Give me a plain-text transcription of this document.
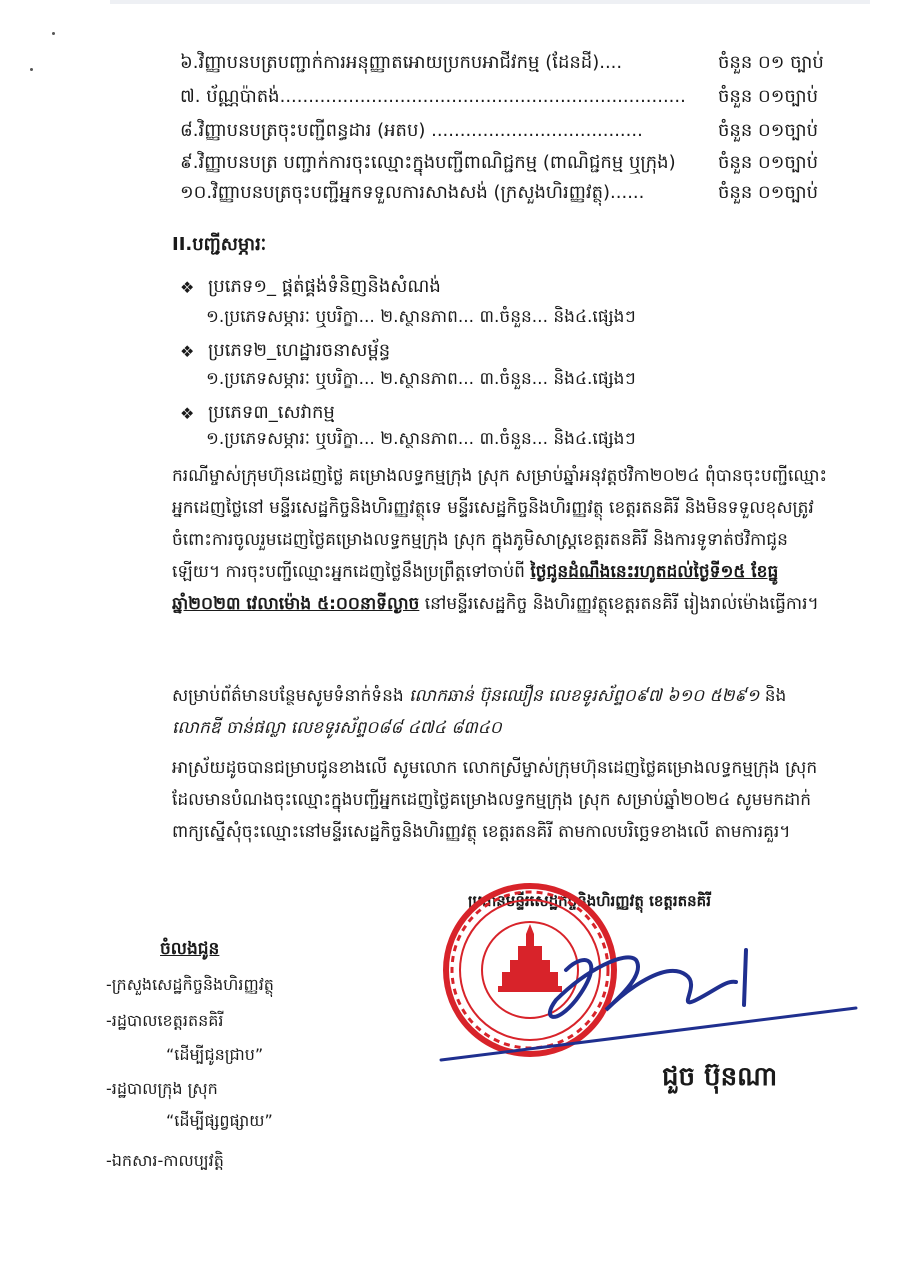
៦.វិញ្ញាបនបត្របញ្ជាក់ការអនុញ្ញាតអោយប្រកបអាជីវកម្ម (ដែនដី)....	ចំនួន ០១ ច្បាប់
៧. ប័ណ្ណប៉ាតង់....................................................................... ចំនួន ០១ច្បាប់
៨.វិញ្ញាបនបត្រចុះបញ្ជីពន្ធដារ (អតប) .....................................	ចំនួន ០១ច្បាប់
៩.វិញ្ញាបនបត្រ បញ្ជាក់ការចុះឈ្មោះក្នុងបញ្ជីពាណិជ្ជកម្ម (ពាណិជ្ជកម្ម ឬក្រុង) ចំនួន ០១ច្បាប់
១០.វិញ្ញាបនបត្រចុះបញ្ជីអ្នកទទួលការសាងសង់ (ក្រសួងហិរញ្ញវត្ថុ)......	ចំនួន ០១ច្បាប់
II.បញ្ជីសម្ភារៈ
❖ ប្រភេទ១_ ផ្គត់ផ្គង់ទំនិញនិងសំណង់
១.ប្រភេទសម្ភារៈ ឬបរិក្ខា... ២.ស្ថានភាព... ៣.ចំនួន... និង៤.ផ្សេងៗ
❖ ប្រភេទ២_ហេដ្ឋារចនាសម្ព័ន្ធ
១.ប្រភេទសម្ភារៈ ឬបរិក្ខា... ២.ស្ថានភាព... ៣.ចំនួន... និង៤.ផ្សេងៗ
❖ ប្រភេទ៣_សេវាកម្ម
១.ប្រភេទសម្ភារៈ ឬបរិក្ខា... ២.ស្ថានភាព... ៣.ចំនួន... និង៤.ផ្សេងៗ
ករណីម្ចាស់ក្រុមហ៊ុនដេញថ្លៃ គម្រោងលទ្ធកម្មក្រុង ស្រុក សម្រាប់ឆ្នាំអនុវត្តថវិកា២០២៤ ពុំបានចុះបញ្ជីឈ្មោះអ្នកដេញថ្លៃនៅ មន្ទីរសេដ្ឋកិច្ចនិងហិរញ្ញវត្ថុទេ មន្ទីរសេដ្ឋកិច្ចនិងហិរញ្ញវត្ថុ ខេត្តរតនគិរី និងមិនទទួលខុសត្រូវចំពោះការចូលរួមដេញថ្លៃគម្រោងលទ្ធកម្មក្រុង ស្រុក ក្នុងភូមិសាស្ត្រខេត្តរតនគិរី និងការទូទាត់ថវិកាជូនឡើយ។ ការចុះបញ្ជីឈ្មោះអ្នកដេញថ្លៃនឹងប្រព្រឹត្តទៅចាប់ពី ថ្ងៃជូនដំណឹងនេះរហូតដល់ថ្ងៃទី១៥ ខែធ្នូ ឆ្នាំ២០២៣ វេលាម៉ោង ៥:០០នាទីល្ងាច នៅមន្ទីរសេដ្ឋកិច្ច និងហិរញ្ញវត្ថុខេត្តរតនគិរី រៀងរាល់ម៉ោងធ្វើការ។
សម្រាប់ព័ត៌មានបន្ថែមសូមទំនាក់ទំនង លោកឆាន់ ប៊ុនឈឿន លេខទូរស័ព្ទ០៩៧ ៦១០ ៥២៩១ និង លោកឌី ចាន់ផល្លា លេខទូរស័ព្ទ០៨៨ ៤៧៤ ៨៣៤០
អាស្រ័យដូចបានជម្រាបជូនខាងលើ សូមលោក លោកស្រីម្ចាស់ក្រុមហ៊ុនដេញថ្លៃគម្រោងលទ្ធកម្មក្រុង ស្រុក ដែលមានបំណងចុះឈ្មោះក្នុងបញ្ជីអ្នកដេញថ្លៃគម្រោងលទ្ធកម្មក្រុង ស្រុក សម្រាប់ឆ្នាំ២០២៤ សូមមកដាក់ពាក្យស្នើសុំចុះឈ្មោះនៅមន្ទីរសេដ្ឋកិច្ចនិងហិរញ្ញវត្ថុ ខេត្តរតនគិរី តាមកាលបរិច្ឆេទខាងលើ តាមការគួរ។
ចំលងជូន
-ក្រសួងសេដ្ឋកិច្ចនិងហិរញ្ញវត្ថុ
-រដ្ឋបាលខេត្តរតនគិរី
“ដើម្បីជូនជ្រាប”
-រដ្ឋបាលក្រុង ស្រុក
“ដើម្បីផ្សព្វផ្សាយ”
-ឯកសារ-កាលប្បវត្តិ
ប្រធានមន្ទីរសេដ្ឋកិច្ចនិងហិរញ្ញវត្ថុ ខេត្តរតនគិរី
ជួច ប៊ុនណា
